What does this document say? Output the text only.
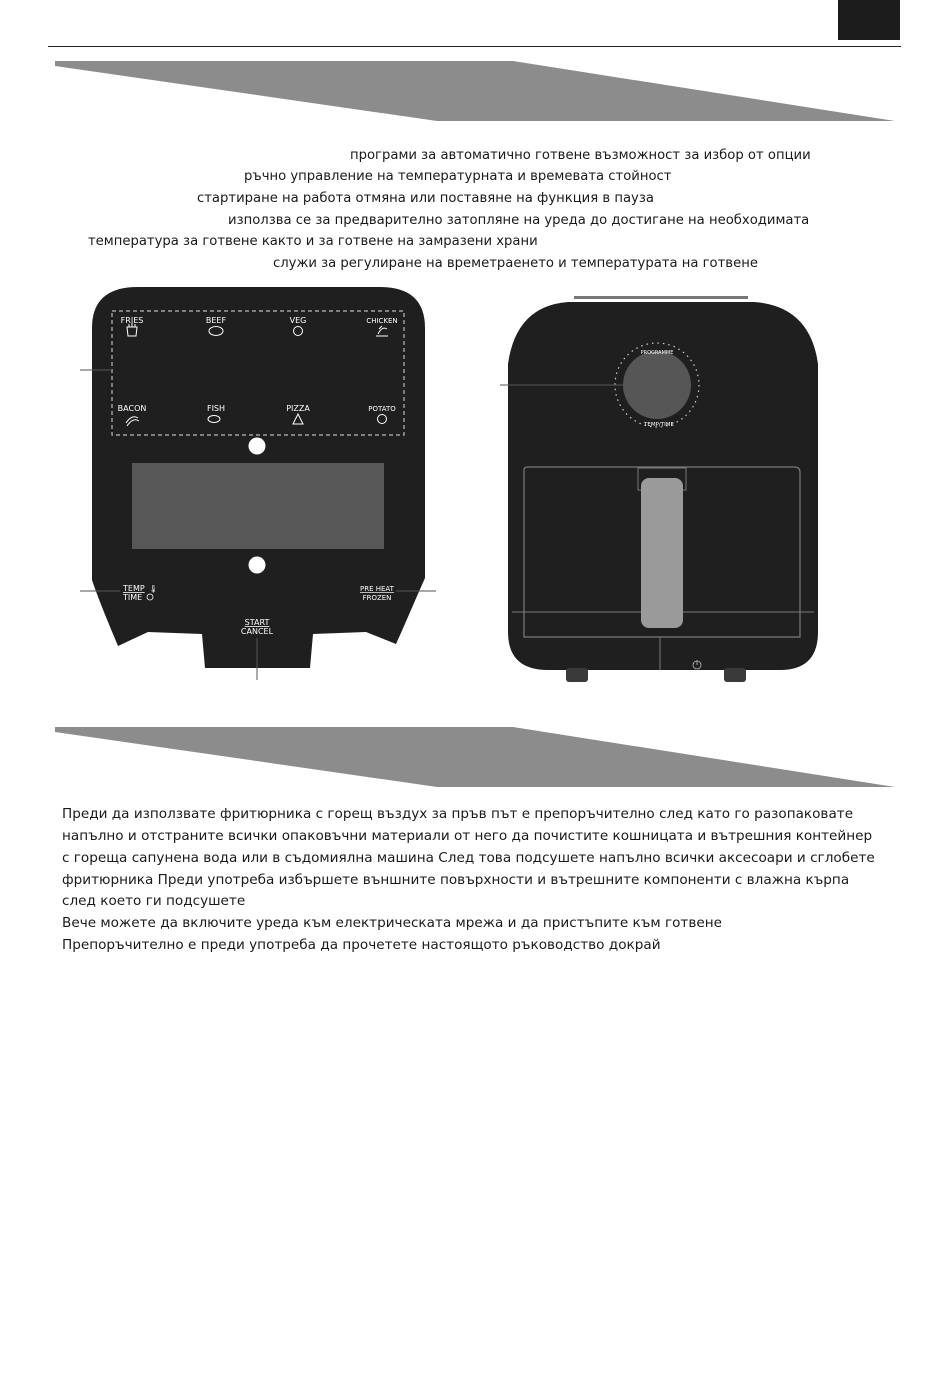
програми за автоматично готвене възможност за избор от опции
ръчно управление на температурната и времевата стойност
стартиране на работа отмяна или поставяне на функция в пауза
използва се за предварително затопляне на уреда до достигане на необходимата
температура за готвене както и за готвене на замразени храни
служи за регулиране на времетраенето и температурата на готвене
FRIES	BEEF	VEG	CHICKEN
BACON	FISH	PIZZA	POTATO
TEMP 🌡
TIME
PRE HEAT
FROZEN
START
CANCEL
PROGRAMME
TEMP/TIME
Преди да използвате фритюрника с горещ въздух за пръв път е препоръчително след като го разопаковате
напълно и отстраните всички опаковъчни материали от него да почистите кошницата и вътрешния контейнер
с гореща сапунена вода или в съдомиялна машина След това подсушете напълно всички аксесоари и сглобете
фритюрника Преди употреба избършете външните повърхности и вътрешните компоненти с влажна кърпа
след което ги подсушете
Вече можете да включите уреда към електрическата мрежа и да пристъпите към готвене
Препоръчително е преди употреба да прочетете настоящото ръководство докрай
